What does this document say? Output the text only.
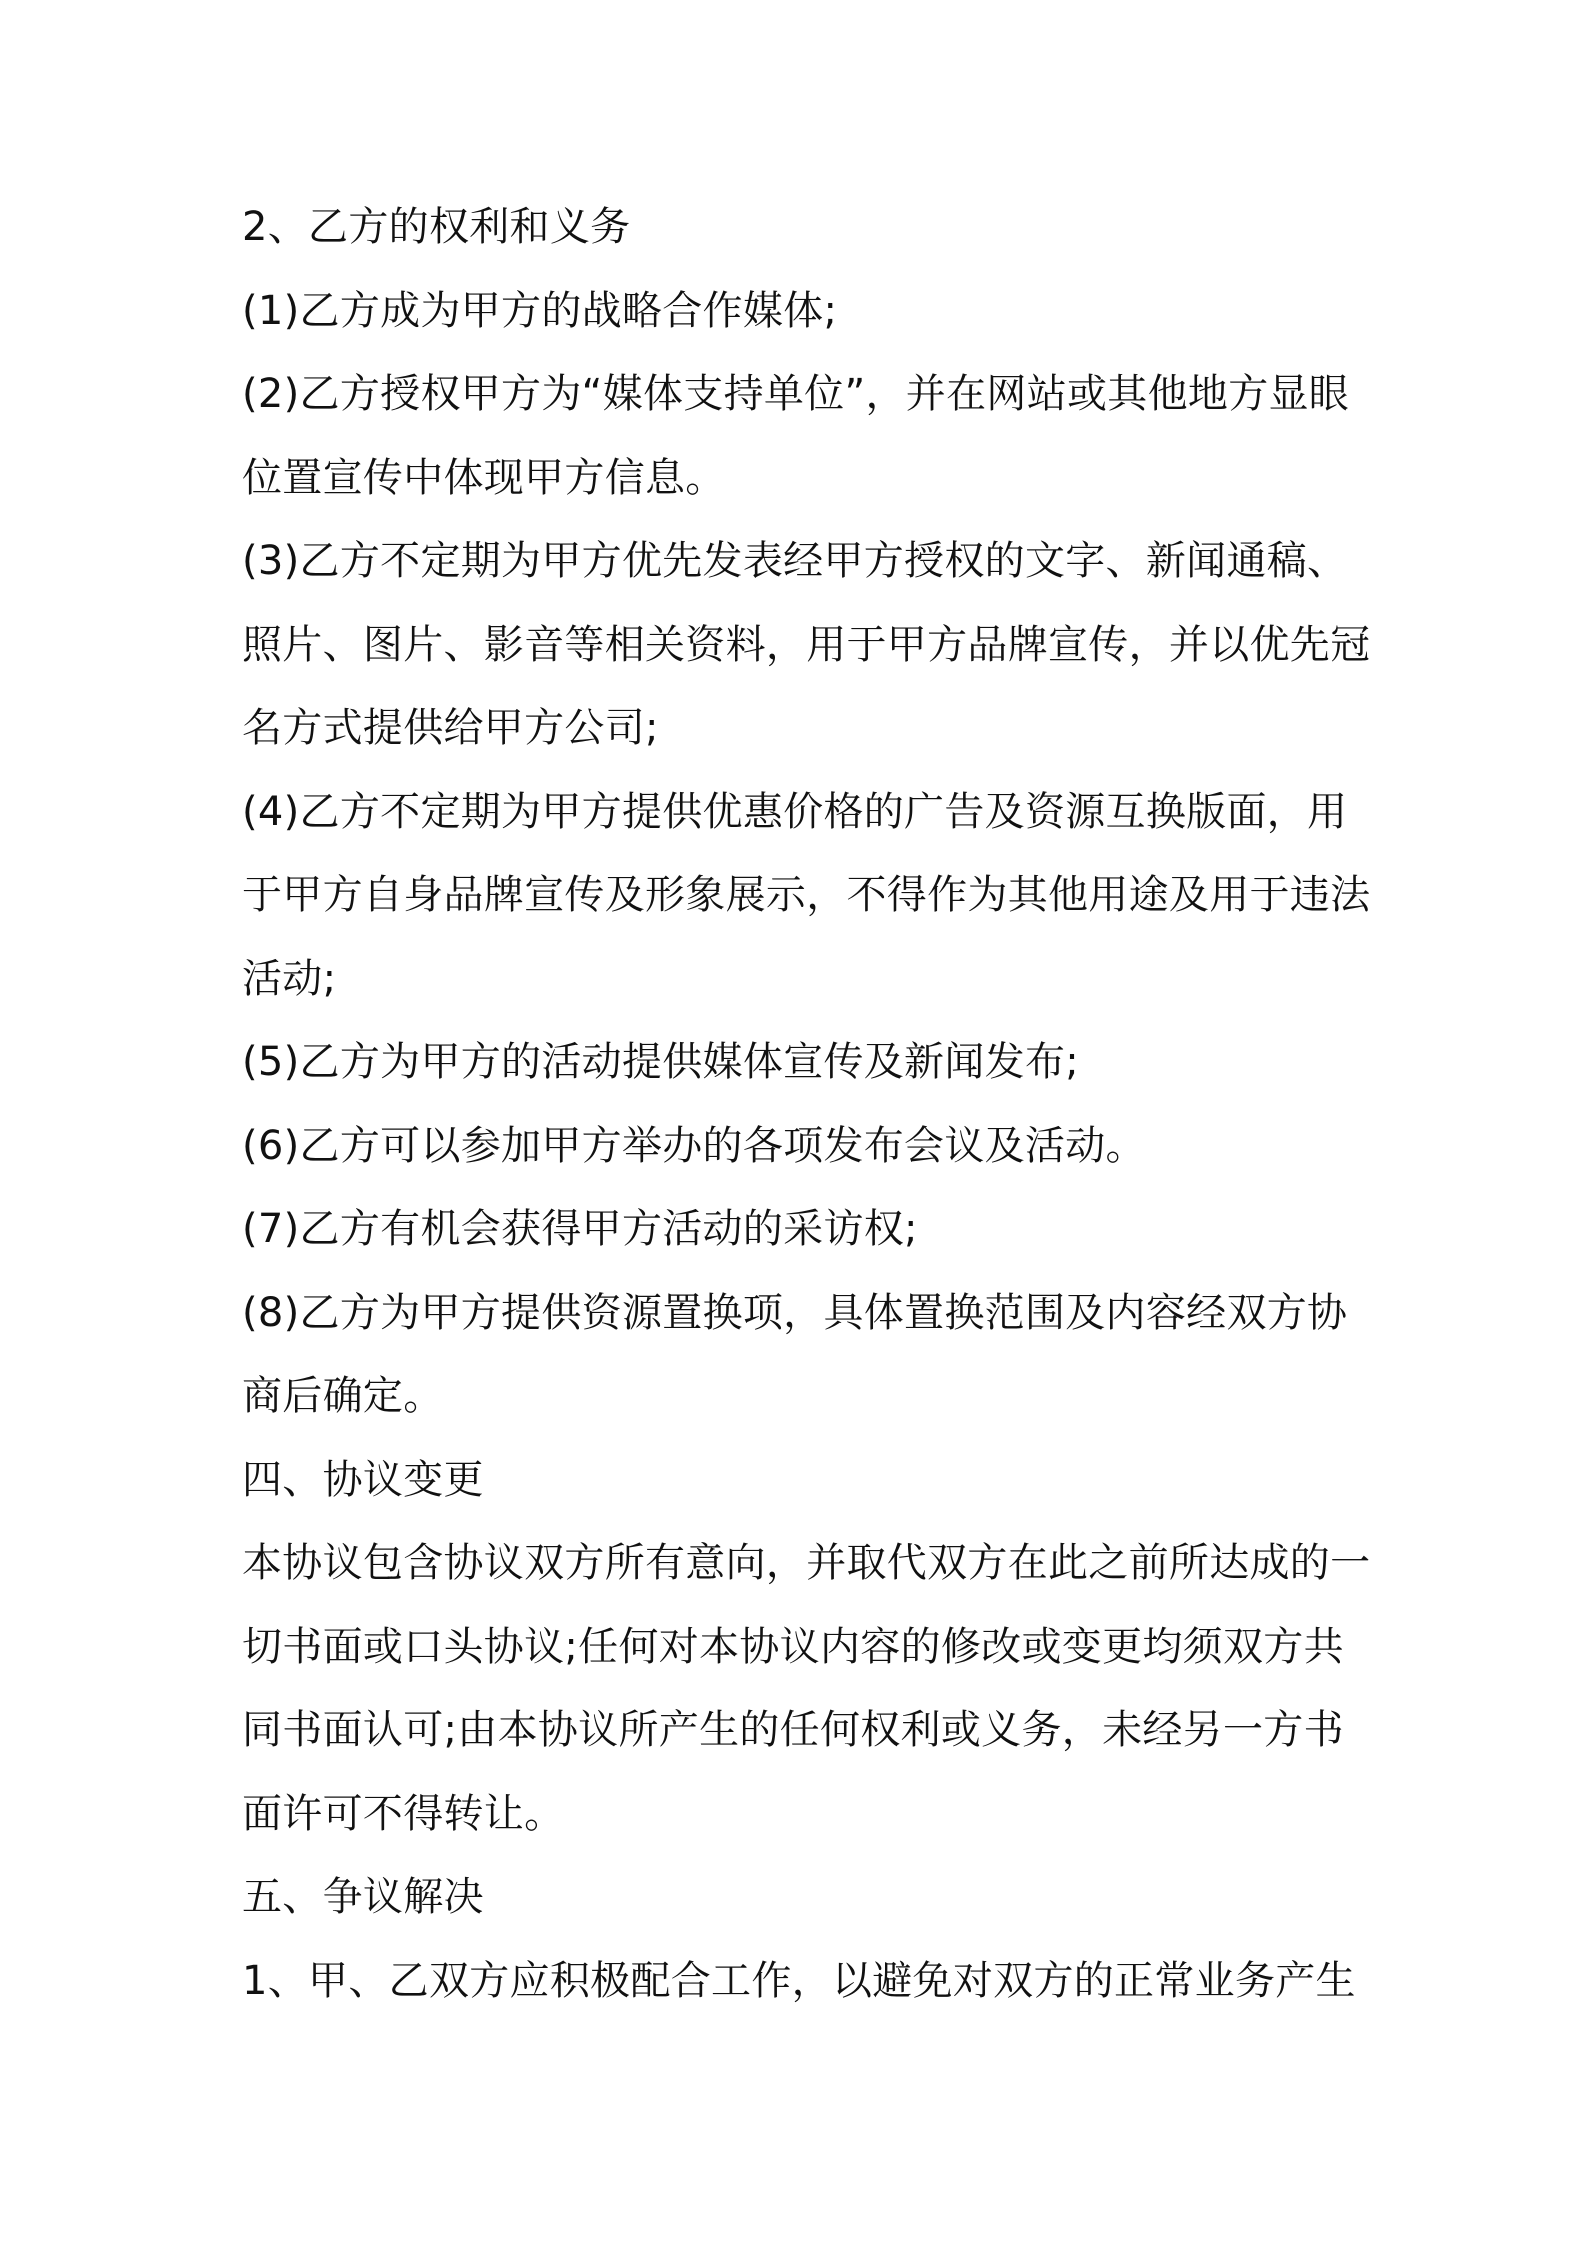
2、乙方的权利和义务
(1)乙方成为甲方的战略合作媒体;
(2)乙方授权甲方为“媒体支持单位”，并在网站或其他地方显眼
位置宣传中体现甲方信息。
(3)乙方不定期为甲方优先发表经甲方授权的文字、新闻通稿、
照片、图片、影音等相关资料，用于甲方品牌宣传，并以优先冠
名方式提供给甲方公司;
(4)乙方不定期为甲方提供优惠价格的广告及资源互换版面，用
于甲方自身品牌宣传及形象展示，不得作为其他用途及用于违法
活动;
(5)乙方为甲方的活动提供媒体宣传及新闻发布;
(6)乙方可以参加甲方举办的各项发布会议及活动。
(7)乙方有机会获得甲方活动的采访权;
(8)乙方为甲方提供资源置换项，具体置换范围及内容经双方协
商后确定。
四、协议变更
本协议包含协议双方所有意向，并取代双方在此之前所达成的一
切书面或口头协议;任何对本协议内容的修改或变更均须双方共
同书面认可;由本协议所产生的任何权利或义务，未经另一方书
面许可不得转让。
五、争议解决
1、甲、乙双方应积极配合工作，以避免对双方的正常业务产生
